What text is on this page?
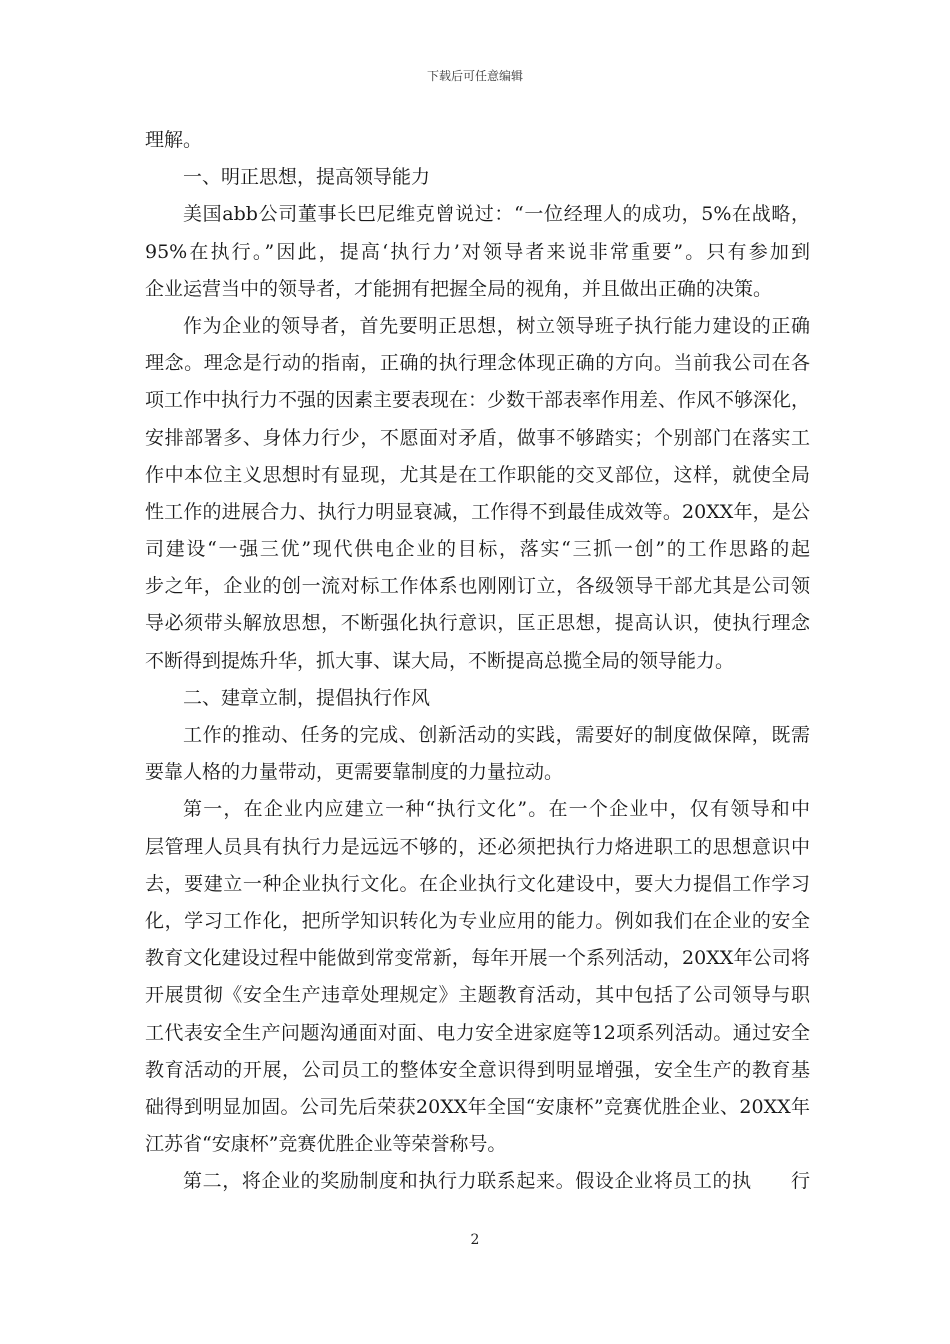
下载后可任意编辑
理解。
一、明正思想，提高领导能力
美国abb公司董事长巴尼维克曾说过：“一位经理人的成功，5%在战略，
95%在执行。”因此，提高‘执行力’对领导者来说非常重要”。只有参加到
企业运营当中的领导者，才能拥有把握全局的视角，并且做出正确的决策。
作为企业的领导者，首先要明正思想，树立领导班子执行能力建设的正确
理念。理念是行动的指南，正确的执行理念体现正确的方向。当前我公司在各
项工作中执行力不强的因素主要表现在：少数干部表率作用差、作风不够深化，
安排部署多、身体力行少，不愿面对矛盾，做事不够踏实；个别部门在落实工
作中本位主义思想时有显现，尤其是在工作职能的交叉部位，这样，就使全局
性工作的进展合力、执行力明显衰减，工作得不到最佳成效等。20XX年，是公
司建设“一强三优”现代供电企业的目标，落实“三抓一创”的工作思路的起
步之年，企业的创一流对标工作体系也刚刚订立，各级领导干部尤其是公司领
导必须带头解放思想，不断强化执行意识，匡正思想，提高认识，使执行理念
不断得到提炼升华，抓大事、谋大局，不断提高总揽全局的领导能力。
二、建章立制，提倡执行作风
工作的推动、任务的完成、创新活动的实践，需要好的制度做保障，既需
要靠人格的力量带动，更需要靠制度的力量拉动。
第一，在企业内应建立一种“执行文化”。在一个企业中，仅有领导和中
层管理人员具有执行力是远远不够的，还必须把执行力烙进职工的思想意识中
去，要建立一种企业执行文化。在企业执行文化建设中，要大力提倡工作学习
化，学习工作化，把所学知识转化为专业应用的能力。例如我们在企业的安全
教育文化建设过程中能做到常变常新，每年开展一个系列活动，20XX年公司将
开展贯彻《安全生产违章处理规定》主题教育活动，其中包括了公司领导与职
工代表安全生产问题沟通面对面、电力安全进家庭等12项系列活动。通过安全
教育活动的开展，公司员工的整体安全意识得到明显增强，安全生产的教育基
础得到明显加固。公司先后荣获20XX年全国“安康杯”竞赛优胜企业、20XX年
江苏省“安康杯”竞赛优胜企业等荣誉称号。
第二，将企业的奖励制度和执行力联系起来。假设企业将员工的执　　行
2
